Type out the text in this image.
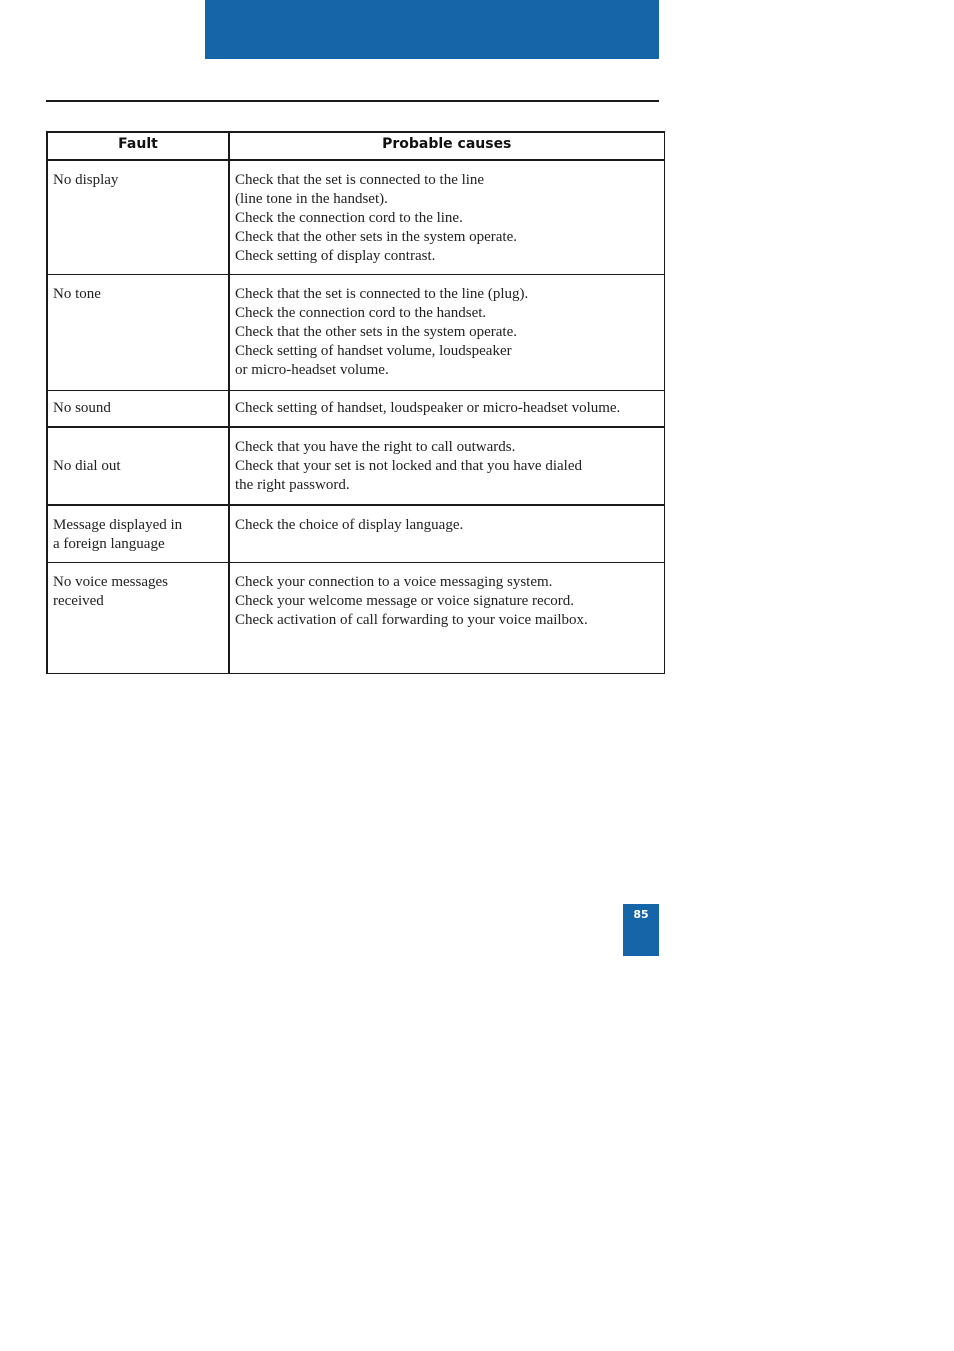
Fault	Probable causes

No display	Check that the set is connected to the line
(line tone in the handset).
Check the connection cord to the line.
Check that the other sets in the system operate.
Check setting of display contrast.

No tone	Check that the set is connected to the line (plug).
Check the connection cord to the handset.
Check that the other sets in the system operate.
Check setting of handset volume, loudspeaker
or micro-headset volume.

No sound	Check setting of handset, loudspeaker or micro-headset volume.

No dial out	Check that you have the right to call outwards.
Check that your set is not locked and that you have dialed
the right password.

Message displayed in
a foreign language	Check the choice of display language.

No voice messages
received	Check your connection to a voice messaging system.
Check your welcome message or voice signature record.
Check activation of call forwarding to your voice mailbox.
85
